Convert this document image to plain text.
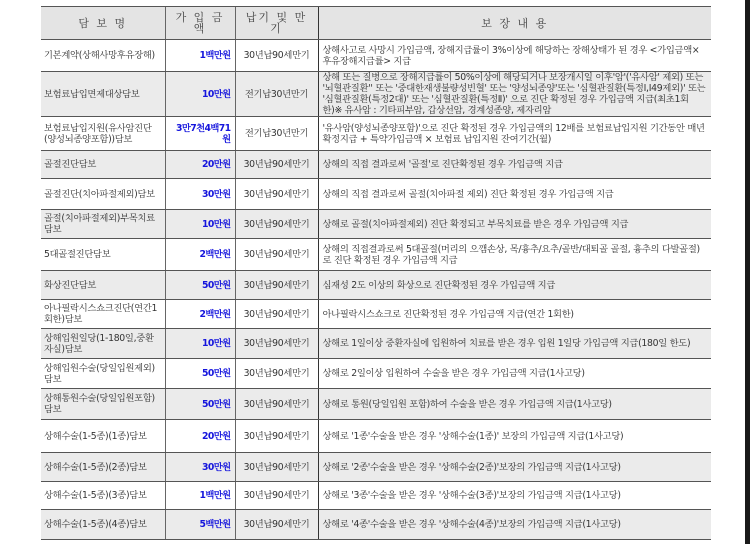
담 보 명	가 입 금 액	납기 및 만기	보 장 내 용
기본계약(상해사망후유장해)	1백만원	30년납90세만기	상해사고로 사망시 가입금액, 장해지급률이 3%이상에 해당하는 장해상태가 된 경우 <가입금액×후유장해지급률> 지급
보험료납입면제대상담보	10만원	전기납30년만기	상해 또는 질병으로 장해지급률이 50%이상에 해당되거나 보장개시일 이후'암'('유사암' 제외) 또는 '뇌혈관질환'' 또는 '중대한재생불량성빈혈' 또는 '양성뇌종양'또는 '심혈관질환(특정Ⅰ,I49제외)' 또는 '심혈관질환(특정2대)' 또는 '심혈관질환(특정Ⅱ)' 으로 진단 확정된 경우 가입금액 지급(최초1회한)※ 유사암 : 기타피부암, 갑상선암, 경계성종양, 제자리암
보험료납입지원(유사암진단(양성뇌종양포함))담보	3만7천4백71원	전기납30년만기	'유사암(양성뇌종양포함)'으로 진단 확정된 경우 가입금액의 12배를 보험료납입지원 기간동안 매년 확정지급 + 특약가입금액 × 보험료 납입지원 잔여기간(월)
골절진단담보	20만원	30년납90세만기	상해의 직접 결과로써 '골절'로 진단확정된 경우 가입금액 지급
골절진단(치아파절제외)담보	30만원	30년납90세만기	상해의 직접 결과로써 골절(치아파절 제외) 진단 확정된 경우 가입금액 지급
골절(치아파절제외)부목치료담보	10만원	30년납90세만기	상해로 골절(치아파절제외) 진단 확정되고 부목치료를 받은 경우 가입금액 지급
5대골절진단담보	2백만원	30년납90세만기	상해의 직접결과로써 5대골절(머리의 으깸손상, 목/흉추/요추/골반/대퇴골 골절, 흉추의 다발골절)로 진단 확정된 경우 가입금액 지급
화상진단담보	50만원	30년납90세만기	심재성 2도 이상의 화상으로 진단확정된 경우 가입금액 지급
아나필락시스쇼크진단(연간1회한)담보	2백만원	30년납90세만기	아나필락시스쇼크로 진단확정된 경우 가입금액 지급(연간 1회한)
상해입원일당(1-180일,중환자실)담보	10만원	30년납90세만기	상해로 1일이상 중환자실에 입원하여 치료를 받은 경우 입원 1일당 가입금액 지급(180일 한도)
상해입원수술(당일입원제외)담보	50만원	30년납90세만기	상해로 2일이상 입원하여 수술을 받은 경우 가입금액 지급(1사고당)
상해통원수술(당일입원포함)담보	50만원	30년납90세만기	상해로 통원(당일입원 포함)하여 수술을 받은 경우 가입금액 지급(1사고당)
상해수술(1-5종)(1종)담보	20만원	30년납90세만기	상해로 '1종'수술을 받은 경우 '상해수술(1종)' 보장의 가입금액 지급(1사고당)
상해수술(1-5종)(2종)담보	30만원	30년납90세만기	상해로 '2종'수술을 받은 경우 '상해수술(2종)'보장의 가입금액 지급(1사고당)
상해수술(1-5종)(3종)담보	1백만원	30년납90세만기	상해로 '3종'수술을 받은 경우 '상해수술(3종)'보장의 가입금액 지급(1사고당)
상해수술(1-5종)(4종)담보	5백만원	30년납90세만기	상해로 '4종'수술을 받은 경우 '상해수술(4종)'보장의 가입금액 지급(1사고당)
